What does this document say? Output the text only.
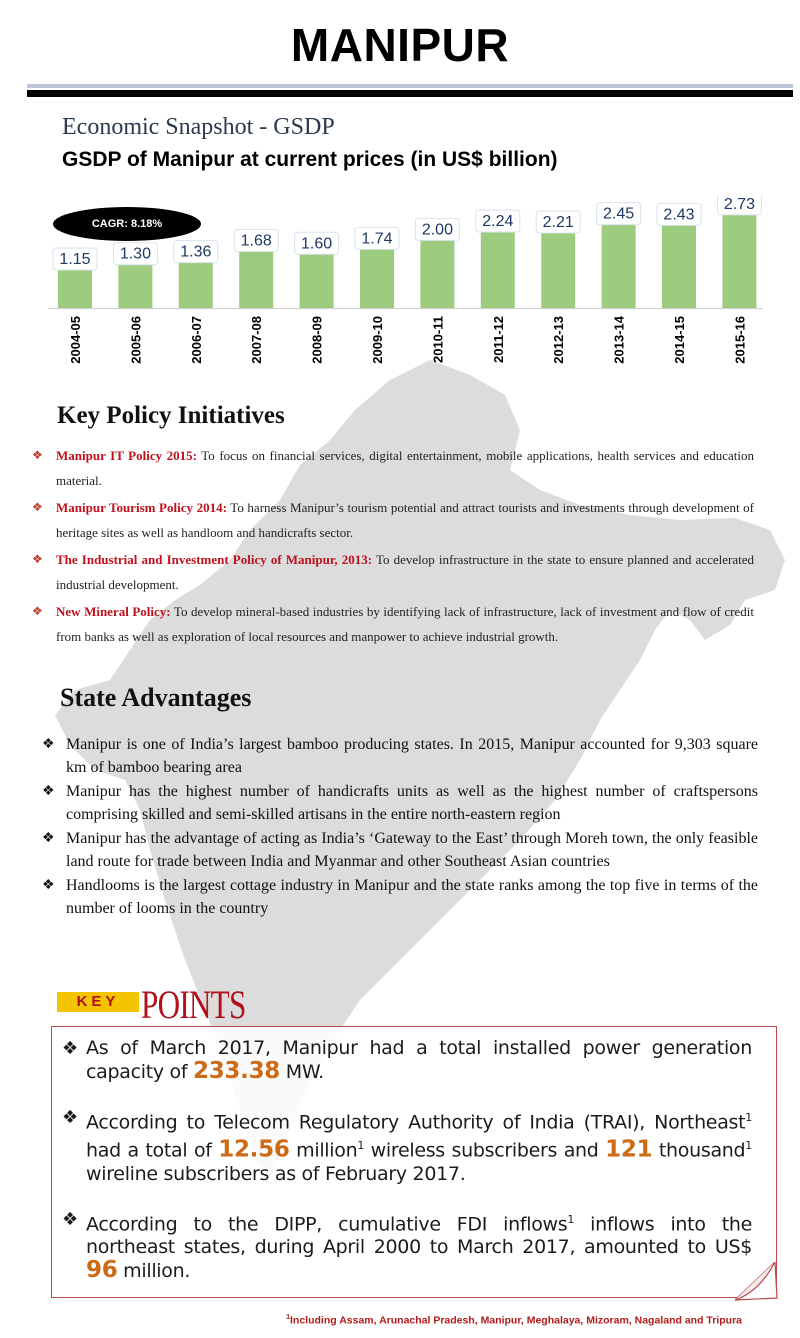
MANIPUR
Economic Snapshot - GSDP
GSDP of Manipur at current prices (in US$ billion)
1.15
2004-05
1.30
2005-06
1.36
2006-07
1.68
2007-08
1.60
2008-09
1.74
2009-10
2.00
2010-11
2.24
2011-12
2.21
2012-13
2.45
2013-14
2.43
2014-15
2.73
2015-16
CAGR: 8.18%
Key Policy Initiatives
❖ Manipur IT Policy 2015: To focus on financial services, digital entertainment, mobile applications, health services and education material.
❖ Manipur Tourism Policy 2014: To harness Manipur’s tourism potential and attract tourists and investments through development of heritage sites as well as handloom and handicrafts sector.
❖ The Industrial and Investment Policy of Manipur, 2013: To develop infrastructure in the state to ensure planned and accelerated industrial development.
❖ New Mineral Policy: To develop mineral-based industries by identifying lack of infrastructure, lack of investment and flow of credit from banks as well as exploration of local resources and manpower to achieve industrial growth.
State Advantages
❖ Manipur is one of India’s largest bamboo producing states. In 2015, Manipur accounted for 9,303 square km of bamboo bearing area
❖ Manipur has the highest number of handicrafts units as well as the highest number of craftspersons comprising skilled and semi-skilled artisans in the entire north-eastern region
❖ Manipur has the advantage of acting as India’s ‘Gateway to the East’ through Moreh town, the only feasible land route for trade between India and Myanmar and other Southeast Asian countries
❖ Handlooms is the largest cottage industry in Manipur and the state ranks among the top five in terms of the number of looms in the country
KEY POINTS
❖ As of March 2017, Manipur had a total installed power generation capacity of 233.38 MW.
❖ According to Telecom Regulatory Authority of India (TRAI), Northeast$^1$ had a total of 12.56 million$^1$ wireless subscribers and 121 thousand$^1$ wireline subscribers as of February 2017.
❖ According to the DIPP, cumulative FDI inflows$^1$ inflows into the northeast states, during April 2000 to March 2017, amounted to US$ 96 million.
$^1$Including Assam, Arunachal Pradesh, Manipur, Meghalaya, Mizoram, Nagaland and Tripura
